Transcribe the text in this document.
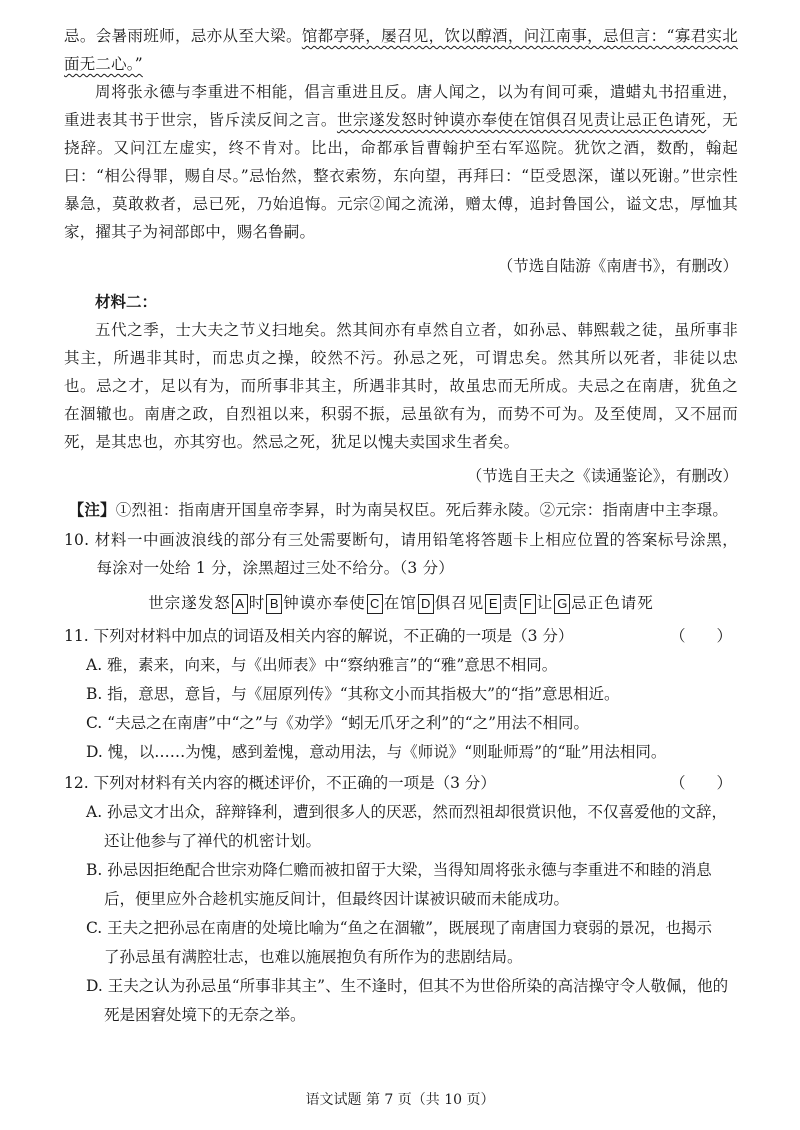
忌。会暑雨班师，忌亦从至大梁。馆都亭驿，屡召见，饮以醇酒，问江南事，忌但言：“寡君实北面无二心。”

周将张永德与李重进不相能，倡言重进且反。唐人闻之，以为有间可乘，遣蜡丸书招重进，重进表其书于世宗，皆斥渎反间之言。世宗遂发怒时钟谟亦奉使在馆俱召见责让忌正色请死，无挠辞。又问江左虚实，终不肯对。比出，命都承旨曹翰护至右军巡院。犹饮之酒，数酌，翰起曰：“相公得罪，赐自尽。”忌怡然，整衣索笏，东向望，再拜曰：“臣受恩深，谨以死谢。”世宗性暴急，莫敢救者，忌已死，乃始追悔。元宗②闻之流涕，赠太傅，追封鲁国公，谥文忠，厚恤其家，擢其子为祠部郎中，赐名鲁嗣。

（节选自陆游《南唐书》，有删改）

材料二：

五代之季，士大夫之节义扫地矣。然其间亦有卓然自立者，如孙忌、韩熙载之徒，虽所事非其主，所遇非其时，而忠贞之操，皎然不污。孙忌之死，可谓忠矣。然其所以死者，非徒以忠也。忌之才，足以有为，而所事非其主，所遇非其时，故虽忠而无所成。夫忌之在南唐，犹鱼之在涸辙也。南唐之政，自烈祖以来，积弱不振，忌虽欲有为，而势不可为。及至使周，又不屈而死，是其忠也，亦其穷也。然忌之死，犹足以愧夫卖国求生者矣。

（节选自王夫之《读通鉴论》，有删改）

【注】①烈祖：指南唐开国皇帝李昪，时为南吴权臣。死后葬永陵。②元宗：指南唐中主李璟。

10. 材料一中画波浪线的部分有三处需要断句，请用铅笔将答题卡上相应位置的答案标号涂黑，每涂对一处给 1 分，涂黑超过三处不给分。（3 分）

世宗遂发怒 A 时 B 钟谟亦奉使 C 在馆 D 俱召见 E 责 F 让 G 忌正色请死
11. 下列对材料中加点的词语及相关内容的解说，不正确的一项是（3 分）	（　　）

A. 雅，素来，向来，与《出师表》中“察纳雅言”的“雅”意思不相同。

B. 指，意思，意旨，与《屈原列传》“其称文小而其指极大”的“指”意思相近。

C. “夫忌之在南唐”中“之”与《劝学》“蚓无爪牙之利”的“之”用法不相同。

D. 愧，以……为愧，感到羞愧，意动用法，与《师说》“则耻师焉”的“耻”用法相同。

12. 下列对材料有关内容的概述评价，不正确的一项是（3 分）	（　　）

A. 孙忌文才出众，辞辩锋利，遭到很多人的厌恶，然而烈祖却很赏识他，不仅喜爱他的文辞，
还让他参与了禅代的机密计划。

B. 孙忌因拒绝配合世宗劝降仁赡而被扣留于大梁，当得知周将张永德与李重进不和睦的消息
后，便里应外合趁机实施反间计，但最终因计谋被识破而未能成功。

C. 王夫之把孙忌在南唐的处境比喻为“鱼之在涸辙”，既展现了南唐国力衰弱的景况，也揭示
了孙忌虽有满腔壮志，也难以施展抱负有所作为的悲剧结局。

D. 王夫之认为孙忌虽“所事非其主”、生不逢时，但其不为世俗所染的高洁操守令人敬佩，他的
死是困窘处境下的无奈之举。

语文试题 第 7 页（共 10 页）
